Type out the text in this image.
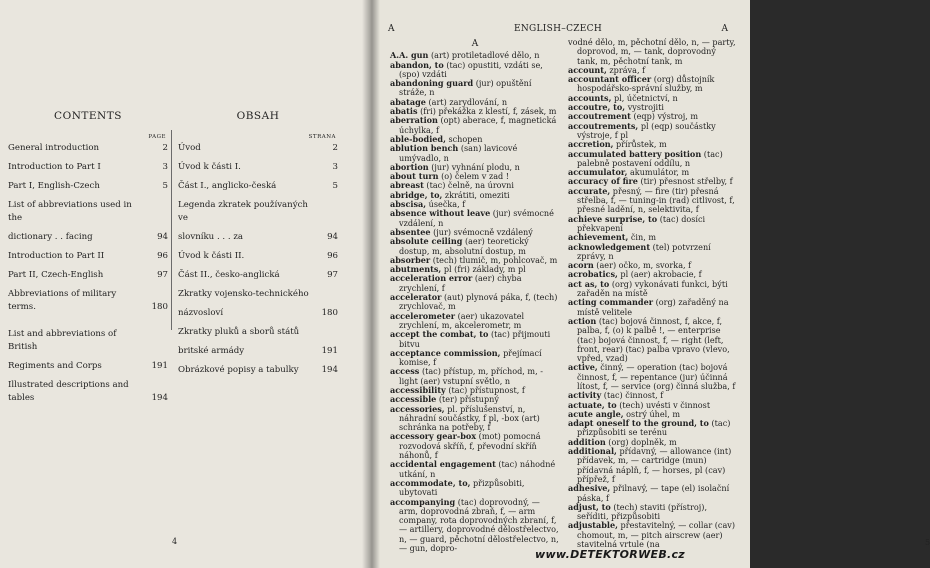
CONTENTS
PAGE
General introduction	2
Introduction to Part I	3
Part I, English-Czech	5
List of abbreviations used in the
dictionary . . facing	94
Introduction to Part II	96
Part II, Czech-English	97
Abbreviations of military terms.	180
List and abbreviations of British
Regiments and Corps	191
Illustrated descriptions and tables	194
OBSAH
STRANA
Úvod	2
Úvod k části I.	3
Část I., anglicko-česká	5
Legenda zkratek používaných ve
slovníku . . . za	94
Úvod k části II.	96
Část II., česko-anglická	97
Zkratky vojensko-technického
názvosloví	180
Zkratky pluků a sborů států
britské armády	191
Obrázkové popisy a tabulky	194
4
ENGLISH–CZECH
A	A
A

A.A. gun (art) protiletadlové dělo, n

abandon, to (tac) opustiti, vzdáti se, (spo) vzdáti

abandoning guard (jur) opuštění stráže, n

abatage (art) zarydlování, n

abatis (fri) překážka z klestí, f, zásek, m

aberration (opt) aberace, f, magnetická úchylka, f

able-bodied, schopen

ablution bench (san) lavicové umývadlo, n

abortion (jur) vyhnání plodu, n

about turn (o) čelem v zad !

abreast (tac) čelně, na úrovni

abridge, to, zkrátiti, omeziti

abscisa, úsečka, f

absence without leave (jur) svémocné vzdálení, n

absentee (jur) svémocně vzdálený

absolute ceiling (aer) teoretický dostup, m, absolutní dostup, m

absorber (tech) tlumič, m, pohlcovač, m

abutments, pl (fri) základy, m pl

acceleration error (aer) chyba zrychlení, f

accelerator (aut) plynová páka, f, (tech) zrychlovač, m

accelerometer (aer) ukazovatel zrychlení, m, akcelerometr, m

accept the combat, to (tac) přijmouti bitvu

acceptance commission, přejímací komise, f

access (tac) přístup, m, příchod, m, -light (aer) vstupní světlo, n

accessibility (tac) přístupnost, f

accessible (ter) přístupný

accessories, pl. příslušenství, n, náhradní součástky, f pl, -box (art) schránka na potřeby, f

accessory gear-box (mot) pomocná rozvodová skříň, f, převodní skříň náhonů, f

accidental engagement (tac) náhodné utkání, n

accommodate, to, přizpůsobiti, ubytovati

accompanying (tac) doprovodný, — arm, doprovodná zbraň, f, — arm company, rota doprovodných zbraní, f, — artillery, doprovodné dělostřelectvo, n, — guard, pěchotní dělostřelectvo, n, — gun, dopro-

vodné dělo, m, pěchotní dělo, n, — party, doprovod, m, — tank, doprovodný tank, m, pěchotní tank, m

account, zpráva, f

accountant officer (org) důstojník hospodářsko-správní služby, m

accounts, pl, účetnictví, n

accoutre, to, vystrojiti

accoutrement (eqp) výstroj, m

accoutrements, pl (eqp) součástky výstroje, f pl

accretion, přírůstek, m

accumulated battery position (tac) palebně postavení oddílu, n

accumulator, akumulátor, m

accuracy of fire (tir) přesnost střelby, f

accurate, přesný, — fire (tir) přesná střelba, f, — tuning-in (rad) citlivost, f, přesné ladění, n, selektivita, f

achieve surprise, to (tac) dosíci překvapení

achievement, čin, m

acknowledgement (tel) potvrzení zprávy, n

acorn (aer) očko, m, svorka, f

acrobatics, pl (aer) akrobacie, f

act as, to (org) vykonávati funkci, býti zařaděn na místě

acting commander (org) zařaděný na místě velitele

action (tac) bojová činnost, f, akce, f, palba, f, (o) k palbě !, — enterprise (tac) bojová činnost, f, — right (left, front, rear) (tac) palba vpravo (vlevo, vpřed, vzad)

active, činný, — operation (tac) bojová činnost, f, — repentance (jur) účinná lítost, f, — service (org) činná služba, f

activity (tac) činnost, f

actuate, to (tech) uvésti v činnost

acute angle, ostrý úhel, m

adapt oneself to the ground, to (tac) přizpůsobiti se terénu

addition (org) doplněk, m

additional, přídavný, — allowance (int) přídavek, m, — cartridge (mun) přídavná náplň, f, — horses, pl (cav) přípřež, f

adhesive, přilnavý, — tape (el) isolační páska, f

adjust, to (tech) staviti (přístroj), seříditi, přizpůsobiti

adjustable, přestavitelný, — collar (cav) chomout, m, — pitch airscrew (aer) stavitelná vrtule (na	5
www.DETEKTORWEB.cz
